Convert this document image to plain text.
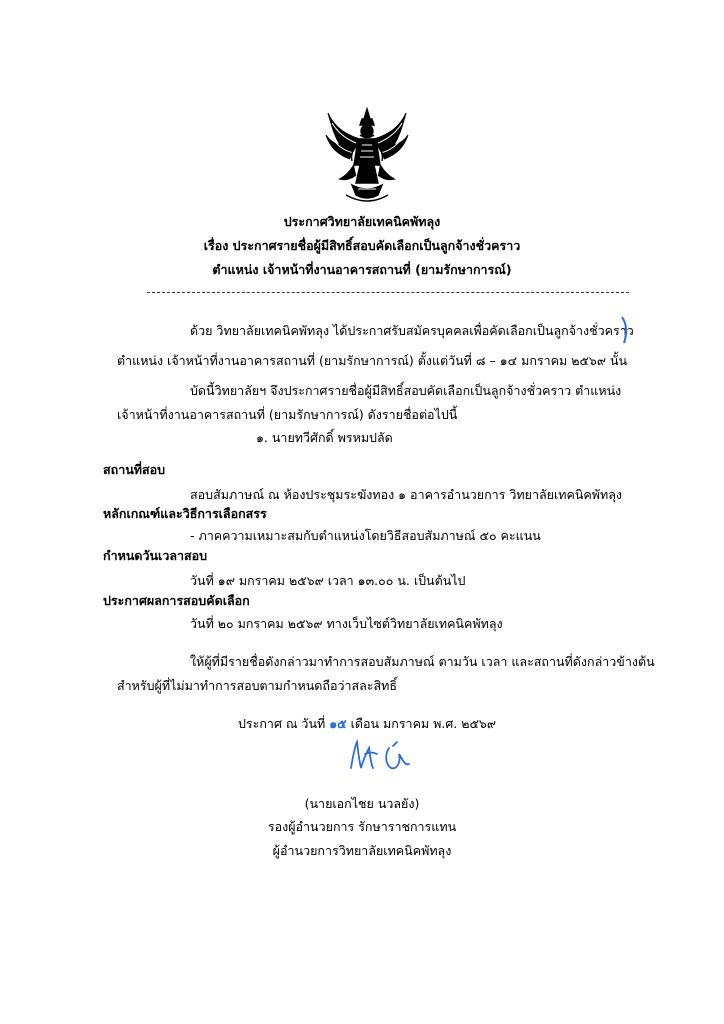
ประกาศวิทยาลัยเทคนิคพัทลุง
เรื่อง ประกาศรายชื่อผู้มีสิทธิ์สอบคัดเลือกเป็นลูกจ้างชั่วคราว
ตำแหน่ง เจ้าหน้าที่งานอาคารสถานที่ (ยามรักษาการณ์)
ด้วย วิทยาลัยเทคนิคพัทลุง ได้ประกาศรับสมัครบุคคลเพื่อคัดเลือกเป็นลูกจ้างชั่วคราว
ตำแหน่ง เจ้าหน้าที่งานอาคารสถานที่ (ยามรักษาการณ์) ตั้งแต่วันที่ ๘ – ๑๔ มกราคม ๒๕๖๙ นั้น
บัดนี้วิทยาลัยฯ จึงประกาศรายชื่อผู้มีสิทธิ์สอบคัดเลือกเป็นลูกจ้างชั่วคราว ตำแหน่ง
เจ้าหน้าที่งานอาคารสถานที่ (ยามรักษาการณ์) ดังรายชื่อต่อไปนี้
๑. นายทวีศักดิ์ พรหมปลัด
สถานที่สอบ
สอบสัมภาษณ์ ณ ห้องประชุมระฆังทอง ๑ อาคารอำนวยการ วิทยาลัยเทคนิคพัทลุง
หลักเกณฑ์และวิธีการเลือกสรร
- ภาคความเหมาะสมกับตำแหน่งโดยวิธีสอบสัมภาษณ์ ๕๐ คะแนน
กำหนดวันเวลาสอบ
วันที่ ๑๙ มกราคม ๒๕๖๙ เวลา ๑๓.๐๐ น. เป็นต้นไป
ประกาศผลการสอบคัดเลือก
วันที่ ๒๐ มกราคม ๒๕๖๙ ทางเว็บไซต์วิทยาลัยเทคนิคพัทลุง
ให้ผู้ที่มีรายชื่อดังกล่าวมาทำการสอบสัมภาษณ์ ตามวัน เวลา และสถานที่ดังกล่าวข้างต้น
สำหรับผู้ที่ไม่มาทำการสอบตามกำหนดถือว่าสละสิทธิ์
ประกาศ ณ วันที่ ๑๕ เดือน มกราคม พ.ศ. ๒๕๖๙
(นายเอกไชย นวลยัง)
รองผู้อำนวยการ รักษาราชการแทน
ผู้อำนวยการวิทยาลัยเทคนิคพัทลุง
